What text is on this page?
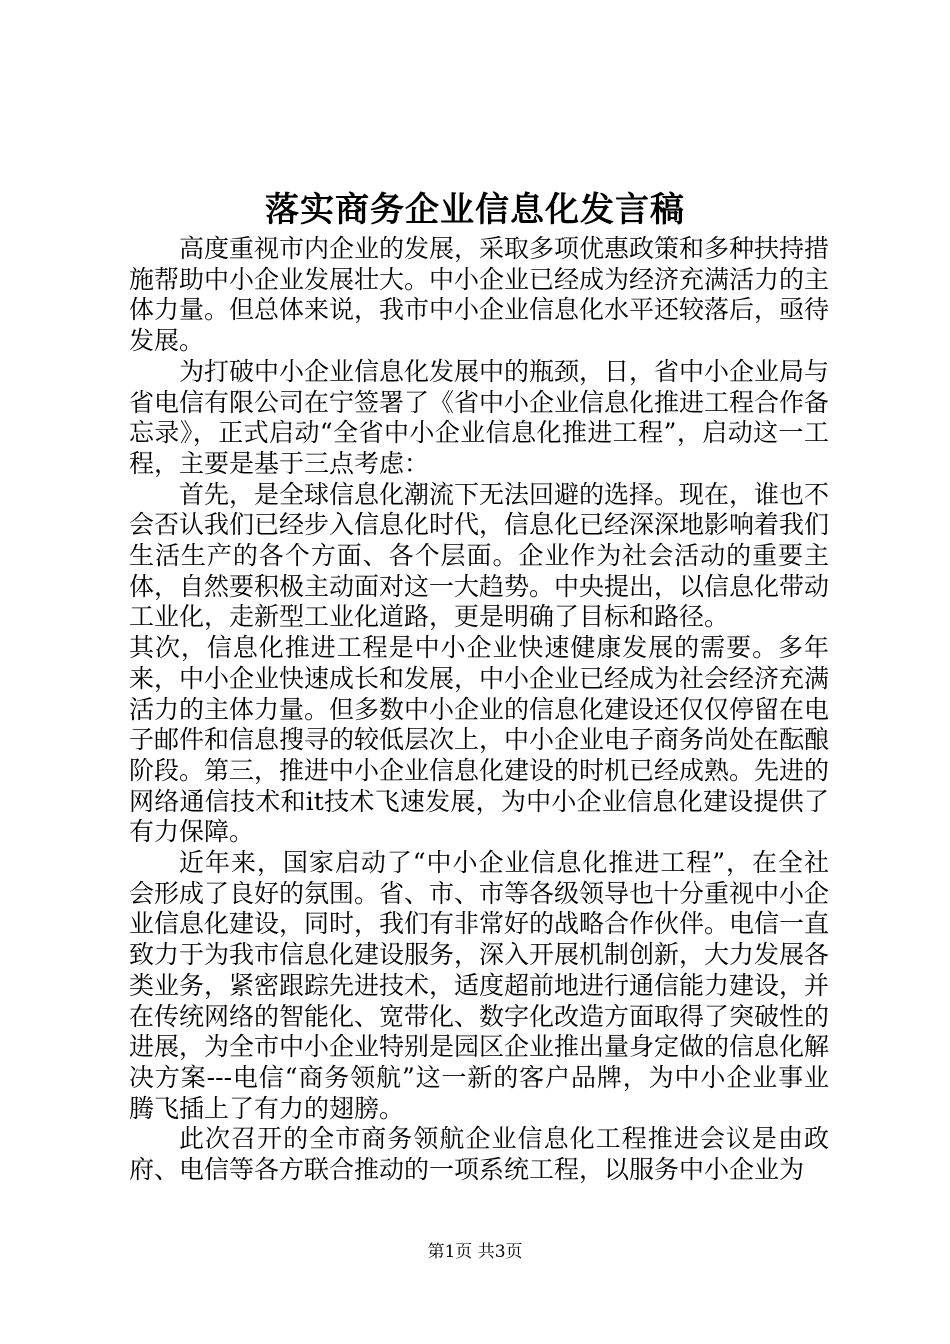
落实商务企业信息化发言稿

高度重视市内企业的发展，采取多项优惠政策和多种扶持措施帮助中小企业发展壮大。中小企业已经成为经济充满活力的主体力量。但总体来说，我市中小企业信息化水平还较落后，亟待发展。

为打破中小企业信息化发展中的瓶颈，日，省中小企业局与省电信有限公司在宁签署了《省中小企业信息化推进工程合作备忘录》，正式启动“全省中小企业信息化推进工程”，启动这一工程，主要是基于三点考虑：

首先，是全球信息化潮流下无法回避的选择。现在，谁也不会否认我们已经步入信息化时代，信息化已经深深地影响着我们生活生产的各个方面、各个层面。企业作为社会活动的重要主体，自然要积极主动面对这一大趋势。中央提出，以信息化带动工业化，走新型工业化道路，更是明确了目标和路径。

其次，信息化推进工程是中小企业快速健康发展的需要。多年来，中小企业快速成长和发展，中小企业已经成为社会经济充满活力的主体力量。但多数中小企业的信息化建设还仅仅停留在电子邮件和信息搜寻的较低层次上，中小企业电子商务尚处在酝酿阶段。第三，推进中小企业信息化建设的时机已经成熟。先进的网络通信技术和it技术飞速发展，为中小企业信息化建设提供了有力保障。

近年来，国家启动了“中小企业信息化推进工程”，在全社会形成了良好的氛围。省、市、市等各级领导也十分重视中小企业信息化建设，同时，我们有非常好的战略合作伙伴。电信一直致力于为我市信息化建设服务，深入开展机制创新，大力发展各类业务，紧密跟踪先进技术，适度超前地进行通信能力建设，并在传统网络的智能化、宽带化、数字化改造方面取得了突破性的进展，为全市中小企业特别是园区企业推出量身定做的信息化解决方案---电信“商务领航”这一新的客户品牌，为中小企业事业腾飞插上了有力的翅膀。

此次召开的全市商务领航企业信息化工程推进会议是由政府、电信等各方联合推动的一项系统工程，以服务中小企业为

第1页 共3页
